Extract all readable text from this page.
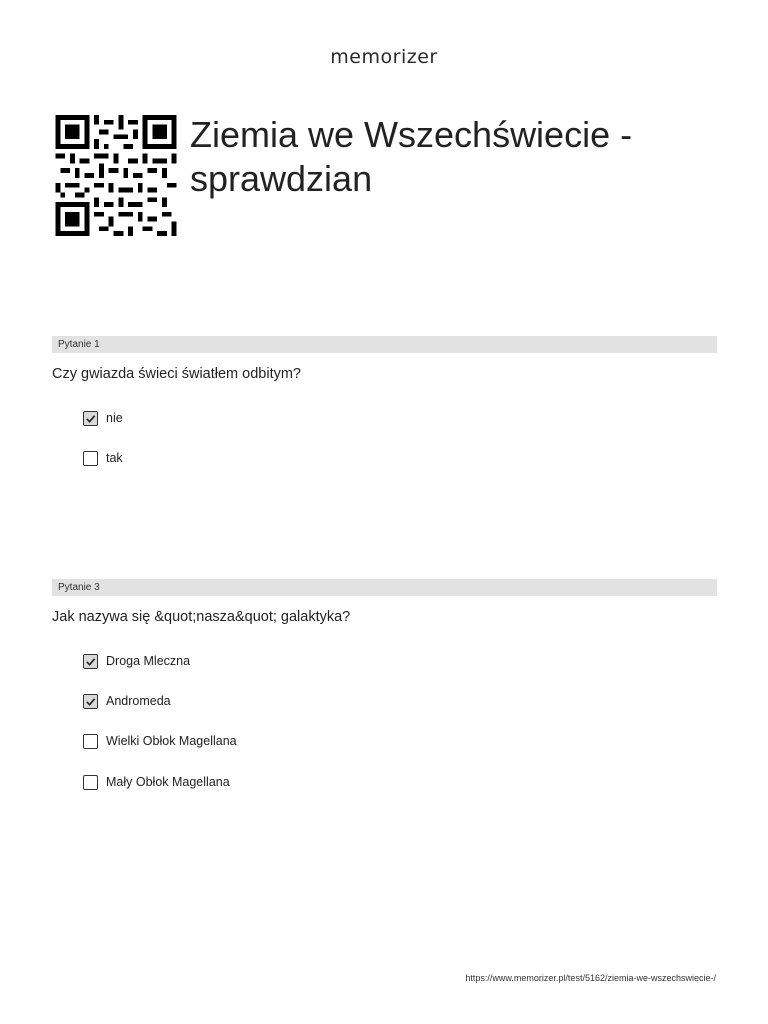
memorizer
Ziemia we Wszechświecie - sprawdzian
Pytanie 1
Czy gwiazda świeci światłem odbitym?
nie
tak
Pytanie 3
Jak nazywa się &quot;nasza&quot; galaktyka?
Droga Mleczna
Andromeda
Wielki Obłok Magellana
Mały Obłok Magellana
https://www.memorizer.pl/test/5162/ziemia-we-wszechswiecie-/
